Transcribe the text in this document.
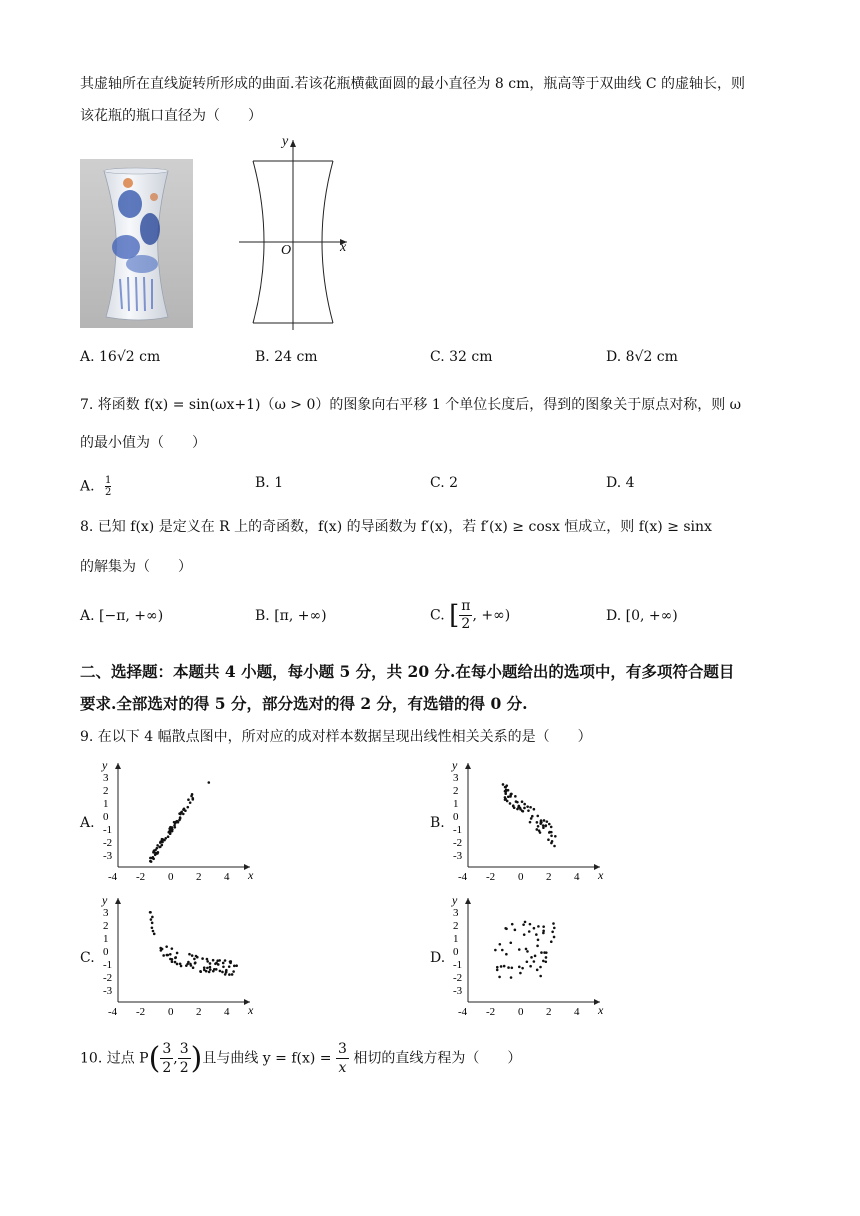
其虚轴所在直线旋转所形成的曲面.若该花瓶横截面圆的最小直径为 8 cm，瓶高等于双曲线 C 的虚轴长，则
该花瓶的瓶口直径为（　　）
y
x
O
A. 16√2 cm	B. 24 cm	C. 32 cm	D. 8√2 cm
7. 将函数 f(x) = sin(ωx+1)（ω > 0）的图象向右平移 1 个单位长度后，得到的图象关于原点对称，则 ω
的最小值为（　　）
A. $\frac{1}{2}$	B. 1	C. 2	D. 4
8. 已知 f(x) 是定义在 R 上的奇函数，f(x) 的导函数为 f′(x)，若 f′(x) ≥ cosx 恒成立，则 f(x) ≥ sinx
的解集为（　　）
A. [−π, +∞)	B. [π, +∞)	C. [ $\frac{\pi}{2}$ , +∞)	D. [0, +∞)
二、选择题：本题共 4 小题，每小题 5 分，共 20 分.在每小题给出的选项中，有多项符合题目
要求.全部选对的得 5 分，部分选对的得 2 分，有选错的得 0 分.
9. 在以下 4 幅散点图中，所对应的成对样本数据呈现出线性相关关系的是（　　）
A.	B.
C.	D.
y
x
3
2
1
0
-1
-2
-3
-4 -2 0 2 4
y
x
3
2
1
0
-1
-2
-3
-4 -2 0 2 4
y
x
3
2
1
0
-1
-2
-3
-4 -2 0 2 4
y
x
3
2
1
0
-1
-2
-3
-4 -2 0 2 4
10. 过点 $P( \frac{3}{2}$ , $\frac{3}{2}$ )且与曲线 $y = f(x) = \frac{3}{x}$ 相切的直线方程为（　　）
